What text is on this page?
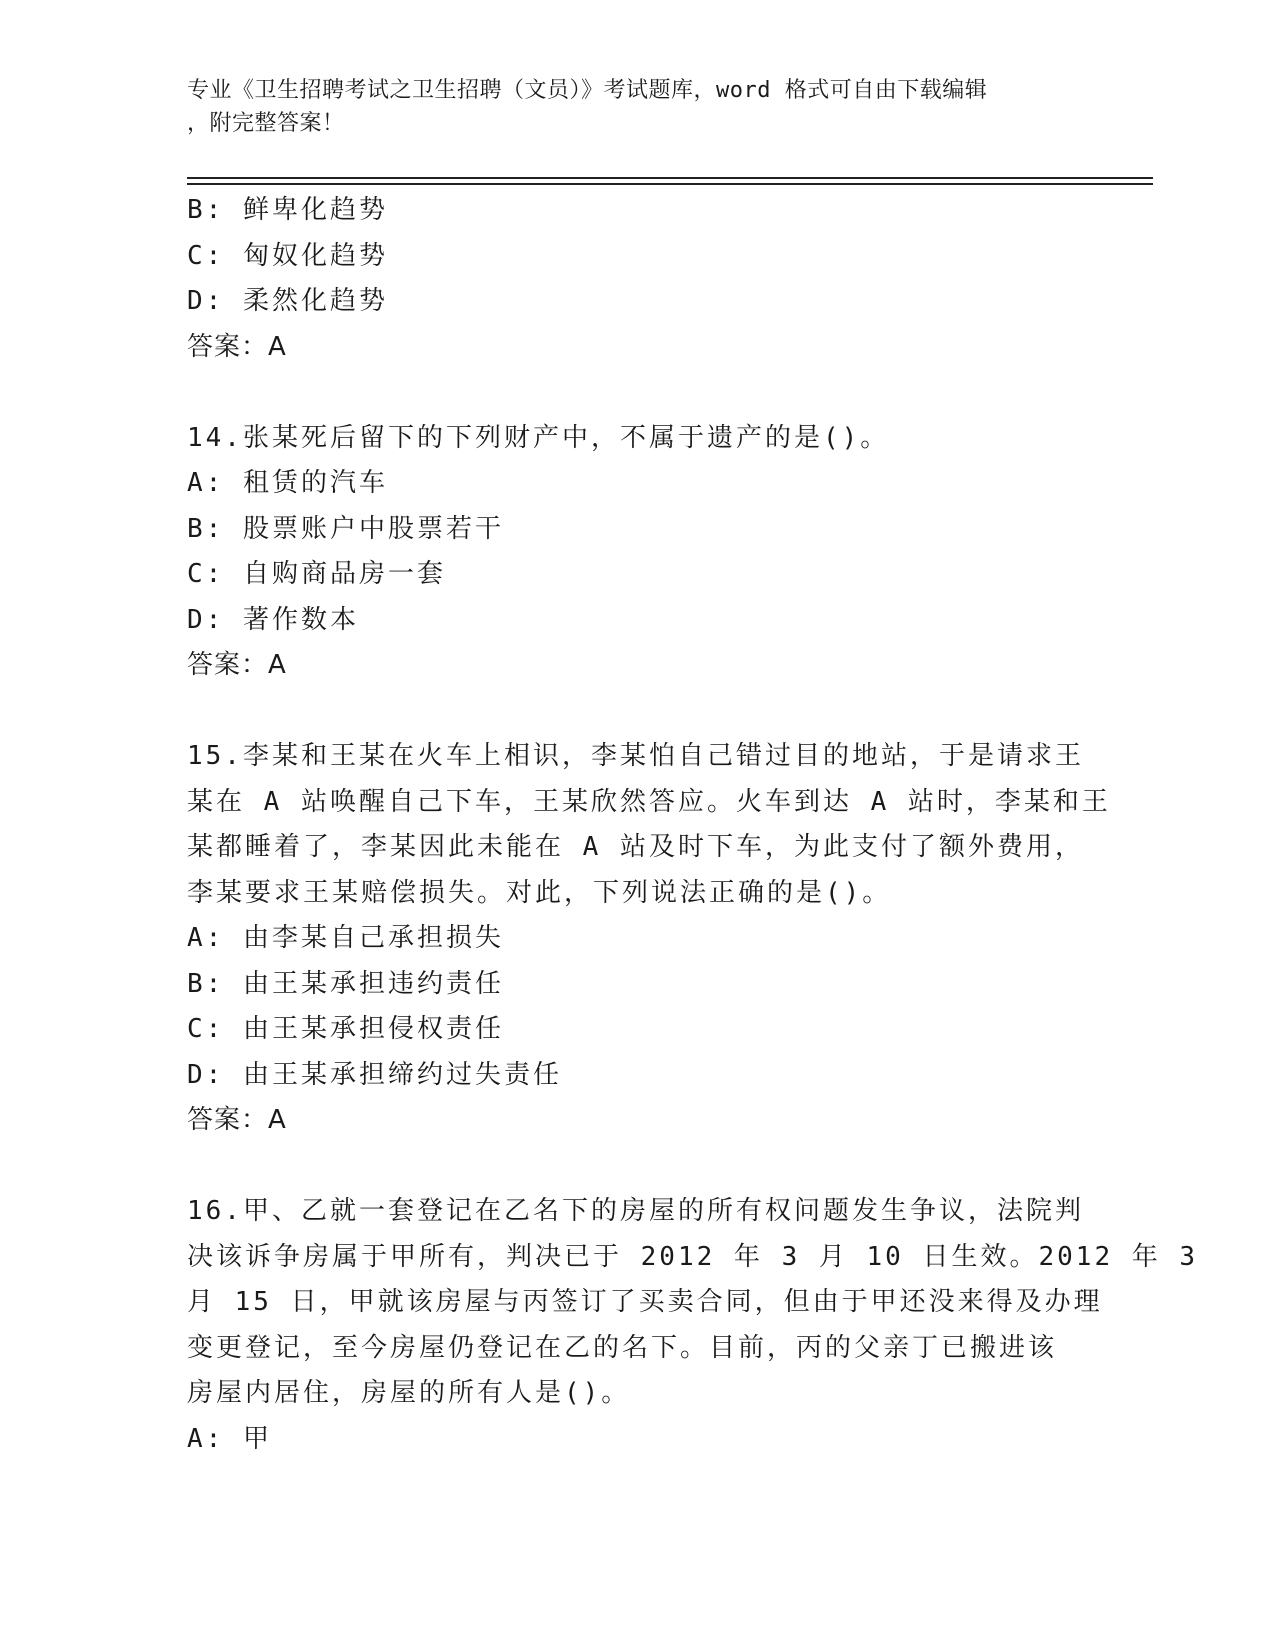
专业《卫生招聘考试之卫生招聘（文员）》考试题库，word 格式可自由下载编辑
，附完整答案！
B: 鲜卑化趋势
C: 匈奴化趋势
D: 柔然化趋势
答案：A
14.张某死后留下的下列财产中，不属于遗产的是()。
A: 租赁的汽车
B: 股票账户中股票若干
C: 自购商品房一套
D: 著作数本
答案：A
15.李某和王某在火车上相识，李某怕自己错过目的地站，于是请求王
某在 A 站唤醒自己下车，王某欣然答应。火车到达 A 站时，李某和王
某都睡着了，李某因此未能在 A 站及时下车，为此支付了额外费用，
李某要求王某赔偿损失。对此，下列说法正确的是()。
A: 由李某自己承担损失
B: 由王某承担违约责任
C: 由王某承担侵权责任
D: 由王某承担缔约过失责任
答案：A
16.甲、乙就一套登记在乙名下的房屋的所有权问题发生争议，法院判
决该诉争房属于甲所有，判决已于 2012 年 3 月 10 日生效。2012 年 3
月 15 日，甲就该房屋与丙签订了买卖合同，但由于甲还没来得及办理
变更登记，至今房屋仍登记在乙的名下。目前，丙的父亲丁已搬进该
房屋内居住，房屋的所有人是()。
A: 甲
